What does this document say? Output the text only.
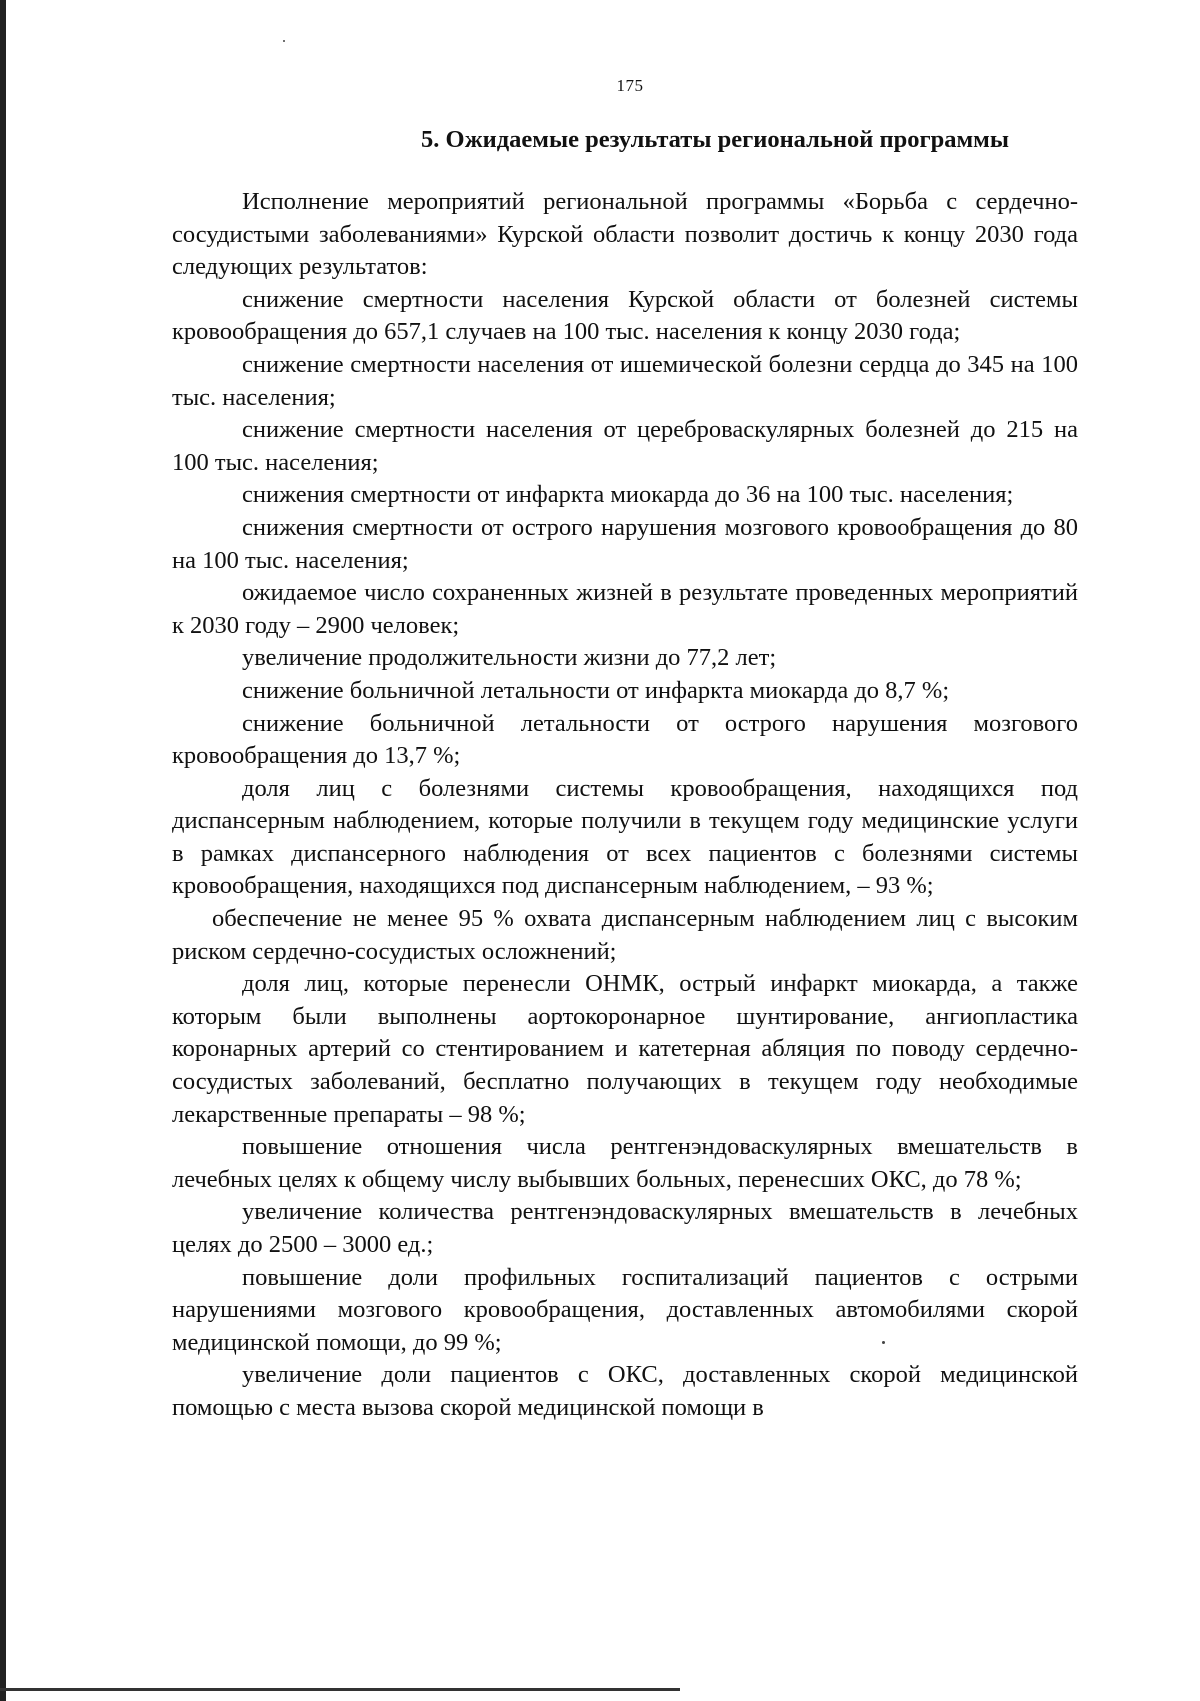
175
5. Ожидаемые результаты региональной программы

Исполнение мероприятий региональной программы «Борьба с сердечно-сосудистыми заболеваниями» Курской области позволит достичь к концу 2030 года следующих результатов:

снижение смертности населения Курской области от болезней системы кровообращения до 657,1 случаев на 100 тыс. населения к концу 2030 года;

снижение смертности населения от ишемической болезни сердца до 345 на 100 тыс. населения;

снижение смертности населения от цереброваскулярных болезней до 215 на 100 тыс. населения;

снижения смертности от инфаркта миокарда до 36 на 100 тыс. населения;

снижения смертности от острого нарушения мозгового кровообращения до 80 на 100 тыс. населения;

ожидаемое число сохраненных жизней в результате проведенных мероприятий к 2030 году – 2900 человек;

увеличение продолжительности жизни до 77,2 лет;

снижение больничной летальности от инфаркта миокарда до 8,7 %;

снижение больничной летальности от острого нарушения мозгового кровообращения до 13,7 %;

доля лиц с болезнями системы кровообращения, находящихся под диспансерным наблюдением, которые получили в текущем году медицинские услуги в рамках диспансерного наблюдения от всех пациентов с болезнями системы кровообращения, находящихся под диспансерным наблюдением, – 93 %;

обеспечение не менее 95 % охвата диспансерным наблюдением лиц с высоким риском сердечно-сосудистых осложнений;

доля лиц, которые перенесли ОНМК, острый инфаркт миокарда, а также которым были выполнены аортокоронарное шунтирование, ангиопластика коронарных артерий со стентированием и катетерная абляция по поводу сердечно-сосудистых заболеваний, бесплатно получающих в текущем году необходимые лекарственные препараты – 98 %;

повышение отношения числа рентгенэндоваскулярных вмешательств в лечебных целях к общему числу выбывших больных, перенесших ОКС, до 78 %;

увеличение количества рентгенэндоваскулярных вмешательств в лечебных целях до 2500 – 3000 ед.;

повышение доли профильных госпитализаций пациентов с острыми нарушениями мозгового кровообращения, доставленных автомобилями скорой медицинской помощи, до 99 %;

увеличение доли пациентов с ОКС, доставленных скорой медицинской помощью с места вызова скорой медицинской помощи в
